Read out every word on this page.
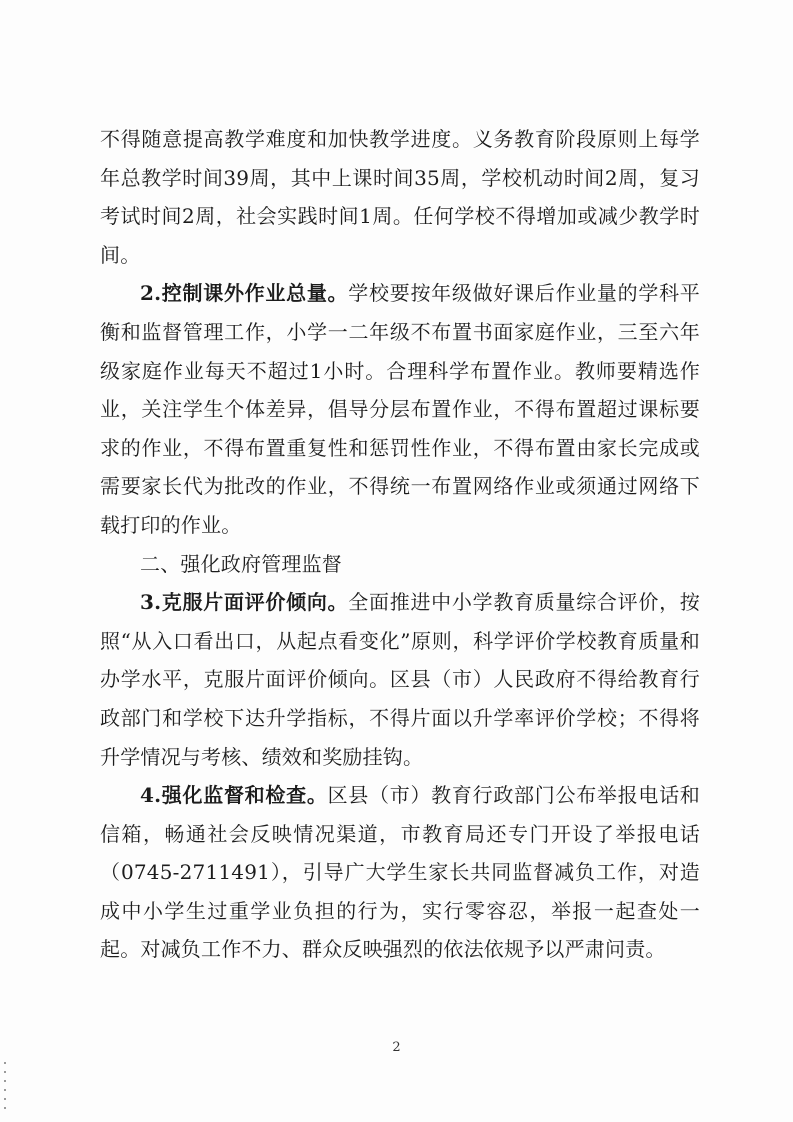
不得随意提高教学难度和加快教学进度。义务教育阶段原则上每学年总教学时间39周，其中上课时间35周，学校机动时间2周，复习考试时间2周，社会实践时间1周。任何学校不得增加或减少教学时间。

2.控制课外作业总量。学校要按年级做好课后作业量的学科平衡和监督管理工作，小学一二年级不布置书面家庭作业，三至六年级家庭作业每天不超过1小时。合理科学布置作业。教师要精选作业，关注学生个体差异，倡导分层布置作业，不得布置超过课标要求的作业，不得布置重复性和惩罚性作业，不得布置由家长完成或需要家长代为批改的作业，不得统一布置网络作业或须通过网络下载打印的作业。

二、强化政府管理监督

3.克服片面评价倾向。全面推进中小学教育质量综合评价，按照“从入口看出口，从起点看变化”原则，科学评价学校教育质量和办学水平，克服片面评价倾向。区县（市）人民政府不得给教育行政部门和学校下达升学指标，不得片面以升学率评价学校；不得将升学情况与考核、绩效和奖励挂钩。

4.强化监督和检查。区县（市）教育行政部门公布举报电话和信箱，畅通社会反映情况渠道，市教育局还专门开设了举报电话（0745-2711491），引导广大学生家长共同监督减负工作，对造成中小学生过重学业负担的行为，实行零容忍，举报一起查处一起。对减负工作不力、群众反映强烈的依法依规予以严肃问责。

2
